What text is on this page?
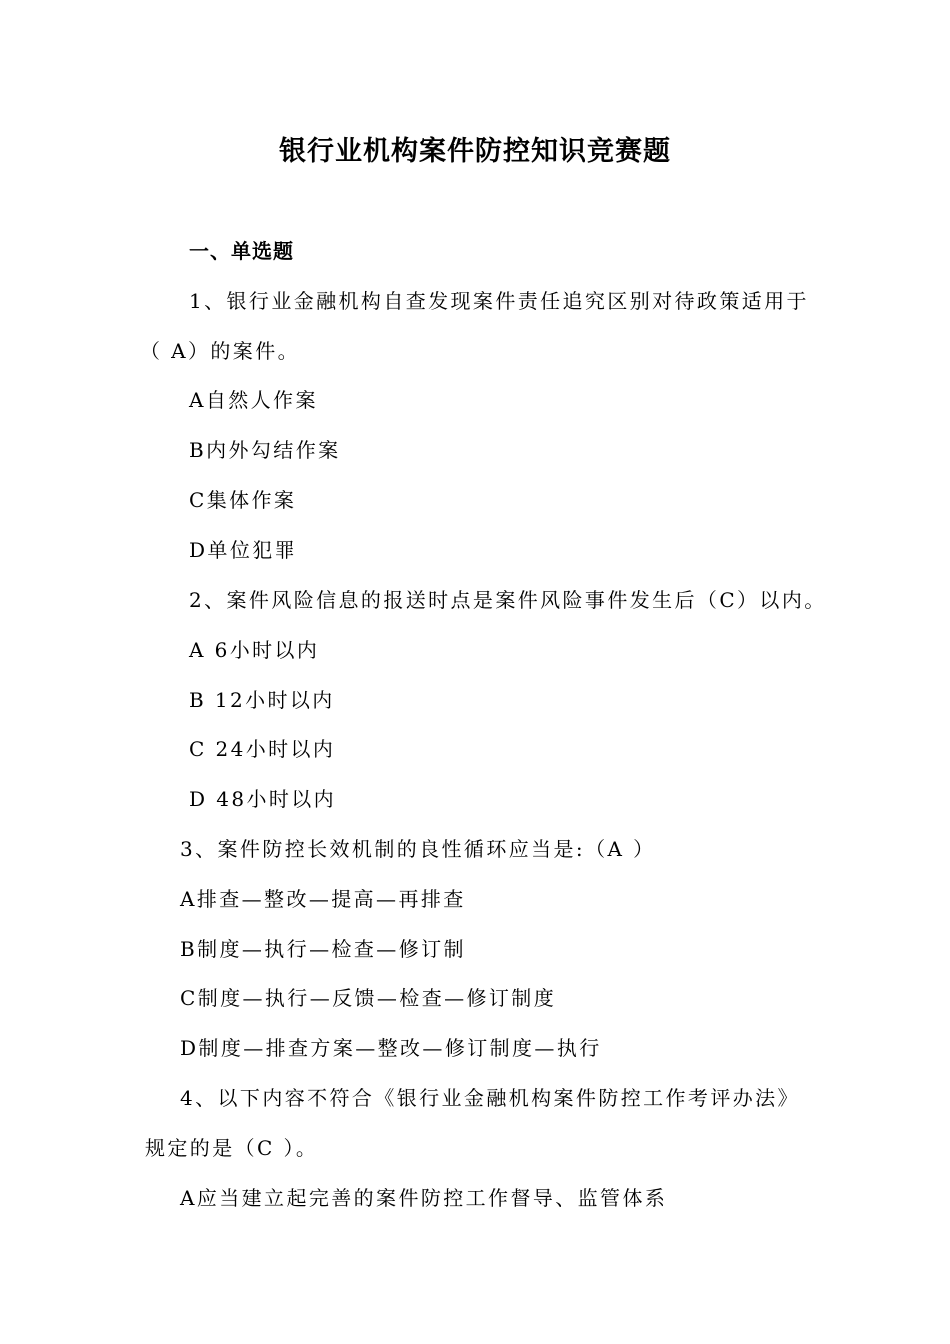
银行业机构案件防控知识竞赛题
一、单选题
1、银行业金融机构自查发现案件责任追究区别对待政策适用于
（ A）的案件。
A自然人作案
B内外勾结作案
C集体作案
D单位犯罪
2、案件风险信息的报送时点是案件风险事件发生后（C）以内。
A 6小时以内
B 12小时以内
C 24小时以内
D 48小时以内
3、案件防控长效机制的良性循环应当是:（A ）
A排查—整改—提高—再排查
B制度—执行—检查—修订制
C制度—执行—反馈—检查—修订制度
D制度—排查方案—整改—修订制度—执行
4、以下内容不符合《银行业金融机构案件防控工作考评办法》
规定的是（C ）。
A应当建立起完善的案件防控工作督导、监管体系
